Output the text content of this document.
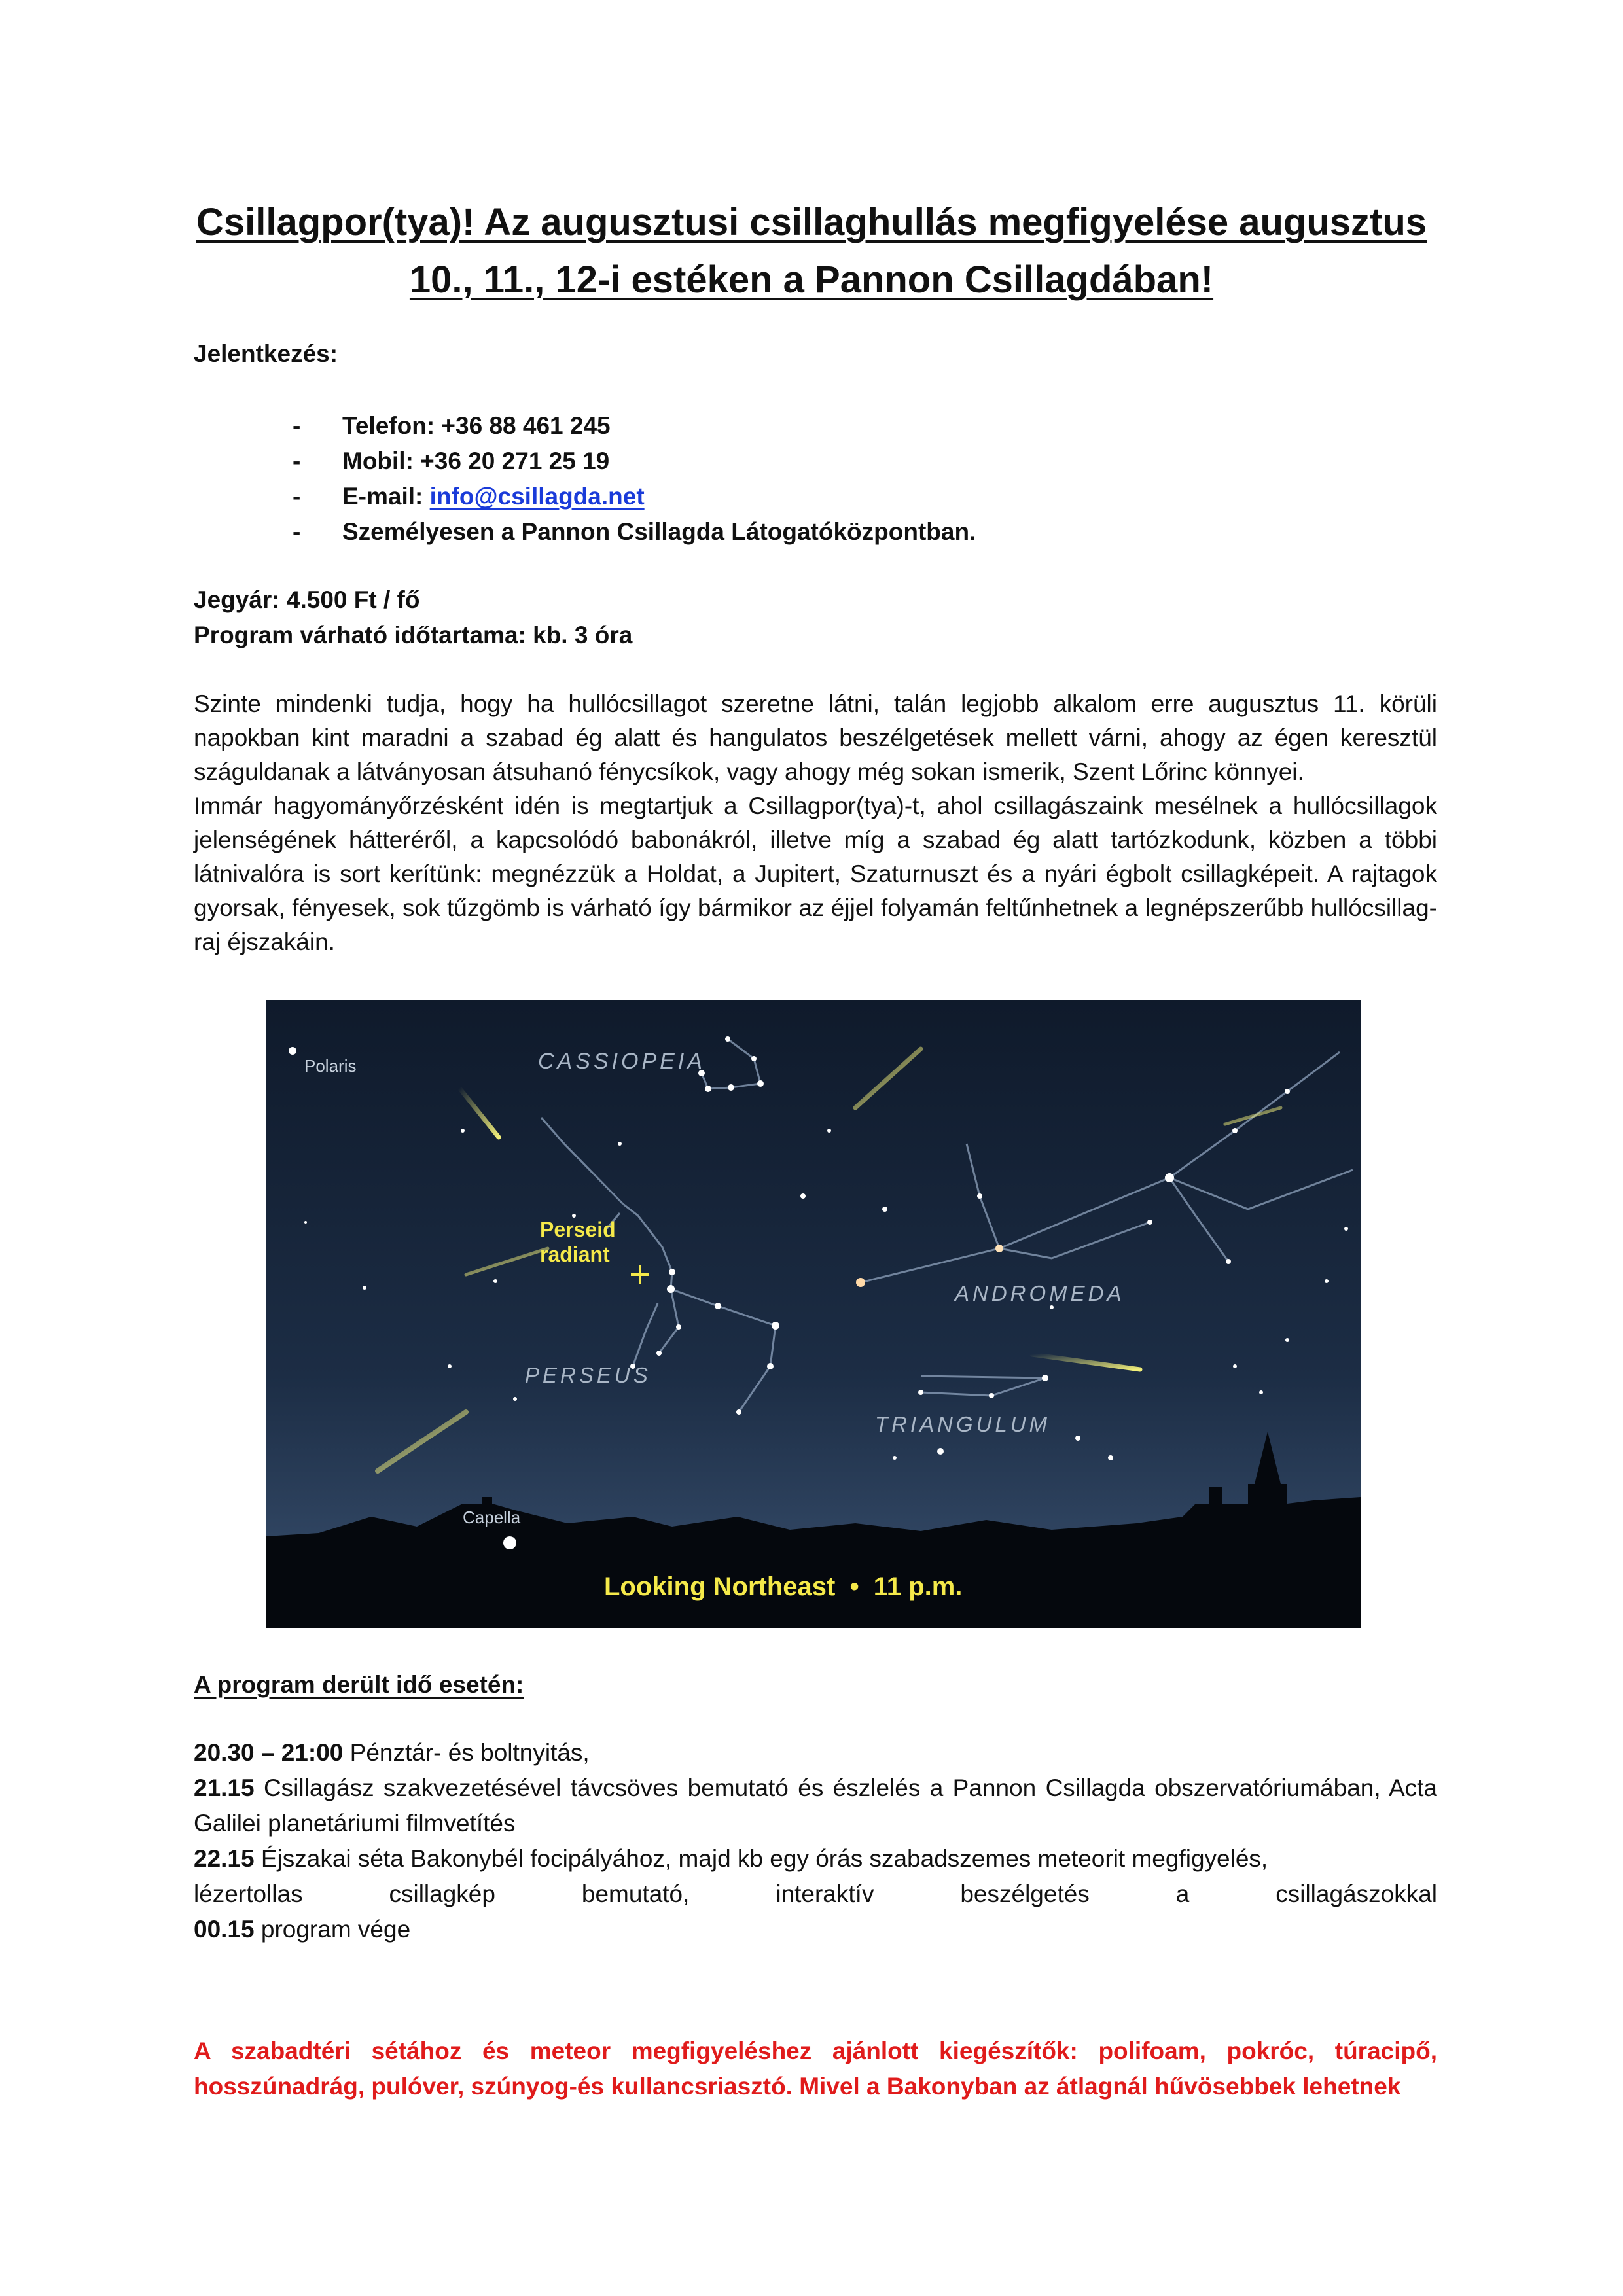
Csillagpor(tya)! Az augusztusi csillaghullás megfigyelése augusztus 10., 11., 12-i estéken a Pannon Csillagdában!
Jelentkezés:
- Telefon: +36 88 461 245
- Mobil: +36 20 271 25 19
- E-mail: info@csillagda.net
- Személyesen a Pannon Csillagda Látogatóközpontban.
Jegyár: 4.500 Ft / fő
Program várható időtartama: kb. 3 óra
Szinte mindenki tudja, hogy ha hullócsillagot szeretne látni, talán legjobb alkalom erre augusztus 11. körüli napokban kint maradni a szabad ég alatt és hangulatos beszélgetések mellett várni, ahogy az égen keresztül száguldanak a látványosan átsuhanó fénycsíkok, vagy ahogy még sokan ismerik, Szent Lőrinc könnyei.
Immár hagyományőrzésként idén is megtartjuk a Csillagpor(tya)-t, ahol csillagászaink mesélnek a hullócsillagok jelenségének hátteréről, a kapcsolódó babonákról, illetve míg a szabad ég alatt tartózkodunk, közben a többi látnivalóra is sort kerítünk: megnézzük a Holdat, a Jupitert, Szaturnuszt és a nyári égbolt csillagképeit. A rajtagok gyorsak, fényesek, sok tűzgömb is várható így bármikor az éjjel folyamán feltűnhetnek a legnépszerűbb hullócsillag-raj éjszakáin.
Polaris	CASSIOPEIA
Perseid
radiant
ANDROMEDA
PERSEUS
TRIANGULUM
Capella
Looking Northeast  •  11 p.m.
A program derült idő esetén:
20.30 – 21:00 Pénztár- és boltnyitás,
21.15 Csillagász szakvezetésével távcsöves bemutató és észlelés a Pannon Csillagda obszervatóriumában, Acta Galilei planetáriumi filmvetítés
22.15 Éjszakai séta Bakonybél focipályához, majd kb egy órás szabadszemes meteorit megfigyelés,
lézertollas csillagkép bemutató, interaktív beszélgetés a csillagászokkal
00.15 program vége
A szabadtéri sétához és meteor megfigyeléshez ajánlott kiegészítők: polifoam, pokróc, túracipő, hosszúnadrág, pulóver, szúnyog-és kullancsriasztó. Mivel a Bakonyban az átlagnál hűvösebbek lehetnek
